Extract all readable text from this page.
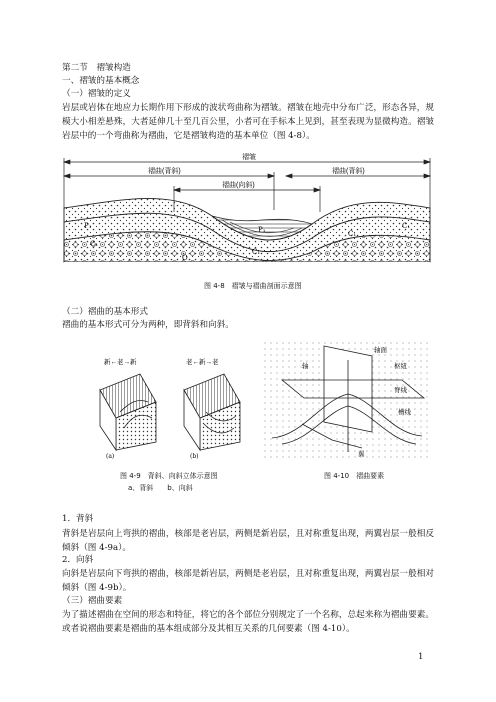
第二节　褶皱构造
一、褶皱的基本概念
（一）褶皱的定义
岩层或岩体在地应力长期作用下形成的波状弯曲称为褶皱。褶皱在地壳中分布广泛，形态各异，规模大小相差悬殊，大者延伸几十至几百公里，小者可在手标本上见到，甚至表现为显微构造。褶皱岩层中的一个弯曲称为褶曲，它是褶皱构造的基本单位（图 4-8）。
褶皱
褶曲(背斜)
褶曲(向斜)
褶曲(背斜)
P₁
C₁
P₁
C₁
C₁
O
C₁
图 4-8　褶皱与褶曲剖面示意图
（二）褶曲的基本形式
褶曲的基本形式可分为两种，即背斜和向斜。
新←老→新	老←新→老
(a)	(b)
轴面
轴	枢纽
脊线
槽线
翼
图 4-9　背斜、向斜立体示意图
a、背斜　　b、向斜
图 4-10　褶曲要素
1．背斜
背斜是岩层向上弯拱的褶曲，核部是老岩层，两侧是新岩层，且对称重复出现，两翼岩层一般相反倾斜（图 4-9a）。
2．向斜
向斜是岩层向下弯拱的褶曲，核部是新岩层，两侧是老岩层，且对称重复出现，两翼岩层一般相对倾斜（图 4-9b）。
（三）褶曲要素
为了描述褶曲在空间的形态和特征，将它的各个部位分别规定了一个名称，总起来称为褶曲要素。或者说褶曲要素是褶曲的基本组成部分及其相互关系的几何要素（图 4-10）。
1
